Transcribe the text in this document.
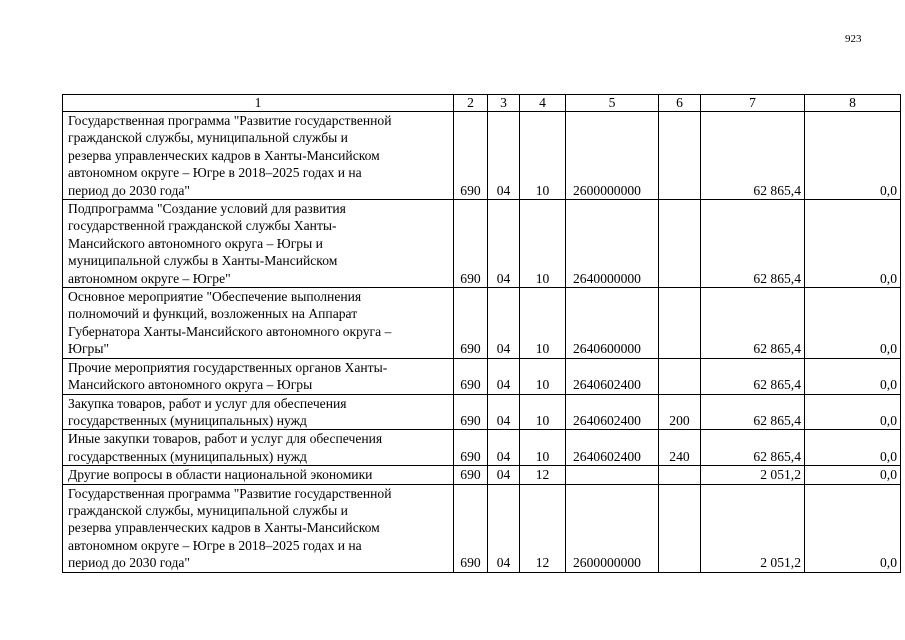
923
1	2	3	4	5	6	7	8

Государственная программа "Развитие государственной
гражданской службы, муниципальной службы и
резерва управленческих кадров в Ханты-Мансийском
автономном округе – Югре в 2018–2025 годах и на
период до 2030 года"	690	04	10	2600000000		62 865,4	0,0

Подпрограмма "Создание условий для развития
государственной гражданской службы Ханты-
Мансийского автономного округа – Югры и
муниципальной службы в Ханты-Мансийском
автономном округе – Югре"	690	04	10	2640000000		62 865,4	0,0

Основное мероприятие "Обеспечение выполнения
полномочий и функций, возложенных на Аппарат
Губернатора Ханты-Мансийского автономного округа –
Югры"	690	04	10	2640600000		62 865,4	0,0

Прочие мероприятия государственных органов Ханты-
Мансийского автономного округа – Югры	690	04	10	2640602400		62 865,4	0,0

Закупка товаров, работ и услуг для обеспечения
государственных (муниципальных) нужд	690	04	10	2640602400	200	62 865,4	0,0

Иные закупки товаров, работ и услуг для обеспечения
государственных (муниципальных) нужд	690	04	10	2640602400	240	62 865,4	0,0

Другие вопросы в области национальной экономики	690	04	12			2 051,2	0,0

Государственная программа "Развитие государственной
гражданской службы, муниципальной службы и
резерва управленческих кадров в Ханты-Мансийском
автономном округе – Югре в 2018–2025 годах и на
период до 2030 года"	690	04	12	2600000000		2 051,2	0,0
